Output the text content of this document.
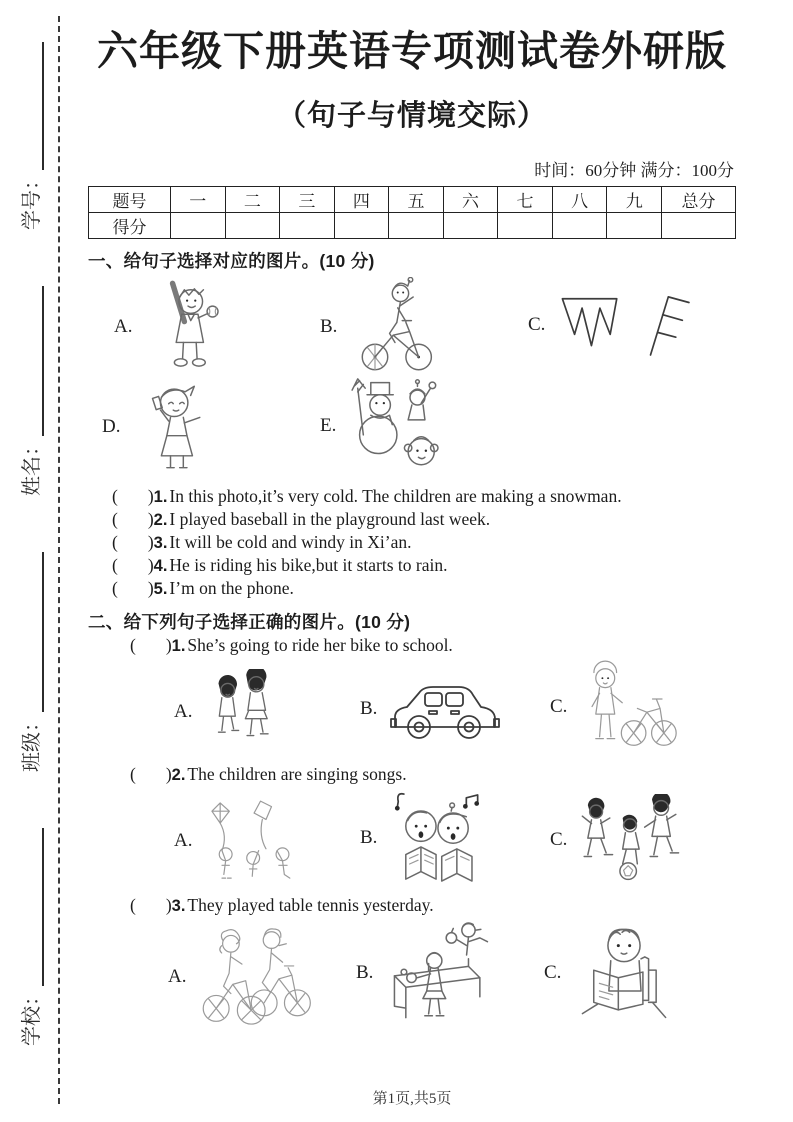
学校：
班级：
姓名：
学号：
六年级下册英语专项测试卷外研版
（句子与情境交际）
时间：60分钟 满分：100分
题号	一	二	三	四	五	六	七	八	九	总分
得分										
一、给句子选择对应的图片。(10 分)
A.	B.	C.
D.	E.
( )1. In this photo,it’s very cold. The children are making a snowman.
( )2. I played baseball in the playground last week.
( )3. It will be cold and windy in Xi’an.
( )4. He is riding his bike,but it starts to rain.
( )5. I’m on the phone.
二、给下列句子选择正确的图片。(10 分)
( )1. She’s going to ride her bike to school.
A.	B.	C.
( )2. The children are singing songs.
A.	B.	C.
( )3. They played table tennis yesterday.
A.	B.	C.
第1页,共5页
